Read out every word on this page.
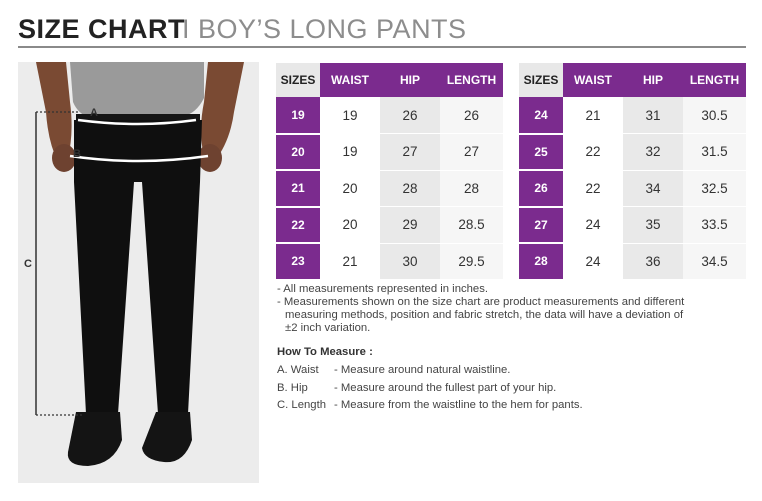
SIZE CHART
I BOY’S LONG PANTS
A
B
C
SIZES	WAIST	HIP	LENGTH
19	19	26	26
20	19	27	27
21	20	28	28
22	20	29	28.5
23	21	30	29.5
SIZES	WAIST	HIP	LENGTH
24	21	31	30.5
25	22	32	31.5
26	22	34	32.5
27	24	35	33.5
28	24	36	34.5
- All measurements represented in inches.
- Measurements shown on the size chart are product measurements and different
measuring methods, position and fabric stretch, the data will have a deviation of
±2 inch variation.
How To Measure :
A. Waist - Measure around natural waistline.
B. Hip - Measure around the fullest part of your hip.
C. Length - Measure from the waistline to the hem for pants.
